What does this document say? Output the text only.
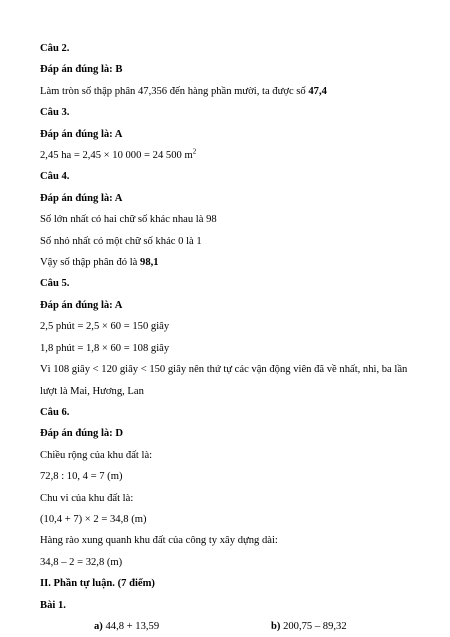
Câu 2.
Đáp án đúng là: B
Làm tròn số thập phân 47,356 đến hàng phần mười, ta được số 47,4
Câu 3.
Đáp án đúng là: A
2,45 ha = 2,45 × 10 000 = 24 500 $m^2$
Câu 4.
Đáp án đúng là: A
Số lớn nhất có hai chữ số khác nhau là 98
Số nhỏ nhất có một chữ số khác 0 là 1
Vậy số thập phân đó là 98,1
Câu 5.
Đáp án đúng là: A
2,5 phút = 2,5 × 60 = 150 giây
1,8 phút = 1,8 × 60 = 108 giây
Vì 108 giây < 120 giây < 150 giây nên thứ tự các vận động viên đã về nhất, nhì, ba lần
lượt là Mai, Hương, Lan
Câu 6.
Đáp án đúng là: D
Chiều rộng của khu đất là:
72,8 : 10, 4 = 7 (m)
Chu vi của khu đất là:
(10,4 + 7) × 2 = 34,8 (m)
Hàng rào xung quanh khu đất của công ty xây dựng dài:
34,8 – 2 = 32,8 (m)
II. Phần tự luận. (7 điểm)
Bài 1.
a) 44,8 + 13,59	b) 200,75 – 89,32
